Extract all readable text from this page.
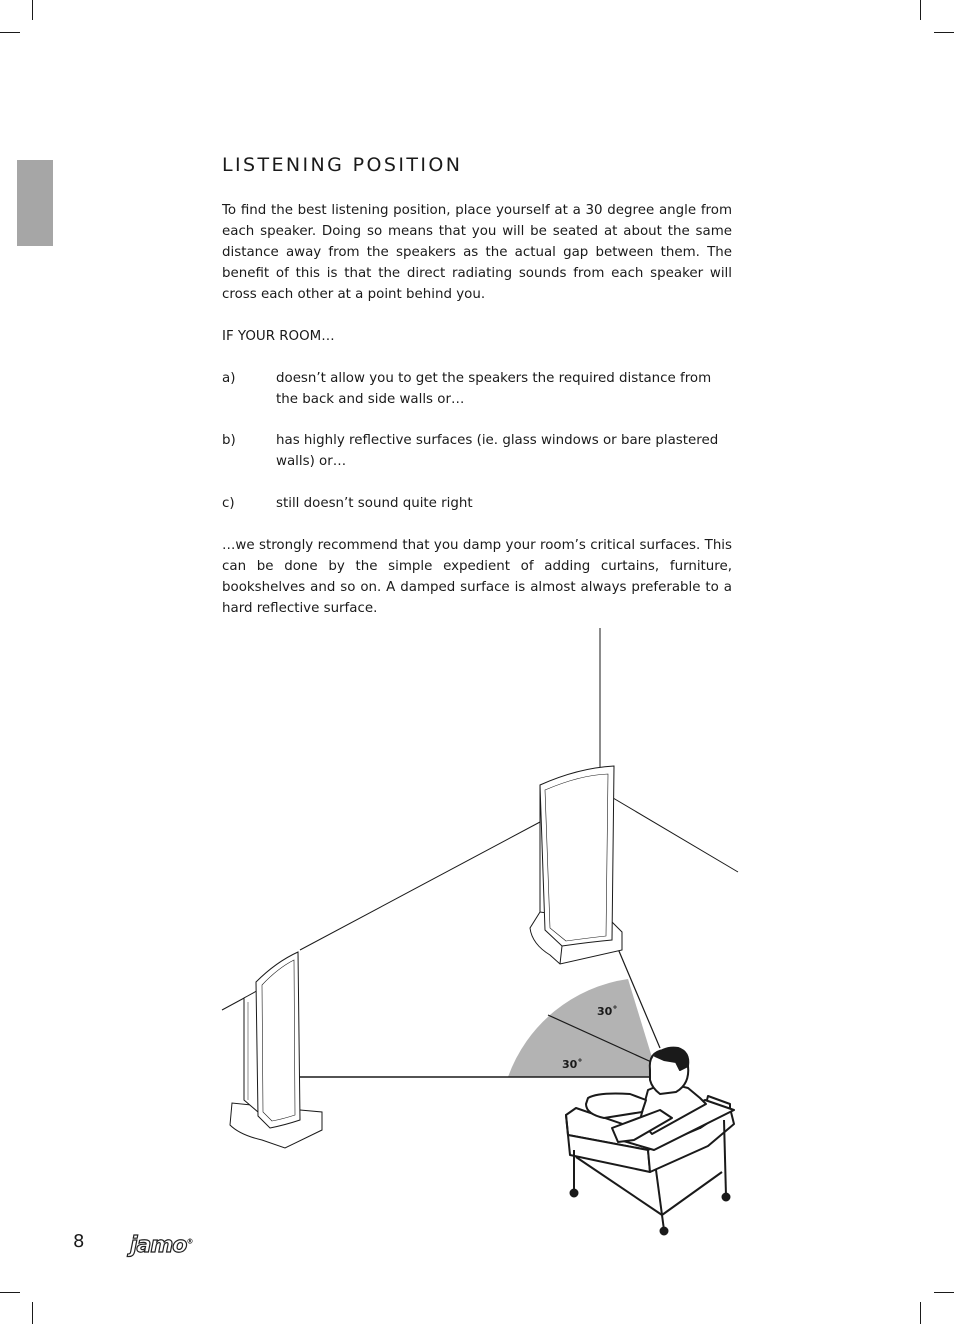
LISTENING POSITION
To find the best listening position, place yourself at a 30 degree angle from each speaker. Doing so means that you will be seated at about the same distance away from the speakers as the actual gap between them. The benefit of this is that the direct radiating sounds from each speaker will cross each other at a point behind you.
IF YOUR ROOM…
a)	doesn’t allow you to get the speakers the required distance from the back and side walls or…
b)	has highly reflective surfaces (ie. glass windows or bare plastered walls) or…
c)	still doesn’t sound quite right
…we strongly recommend that you damp your room’s critical surfaces. This can be done by the simple expedient of adding curtains, furniture, bookshelves and so on. A damped surface is almost always preferable to a hard reflective surface.
30˚
30˚
8 jamo®
